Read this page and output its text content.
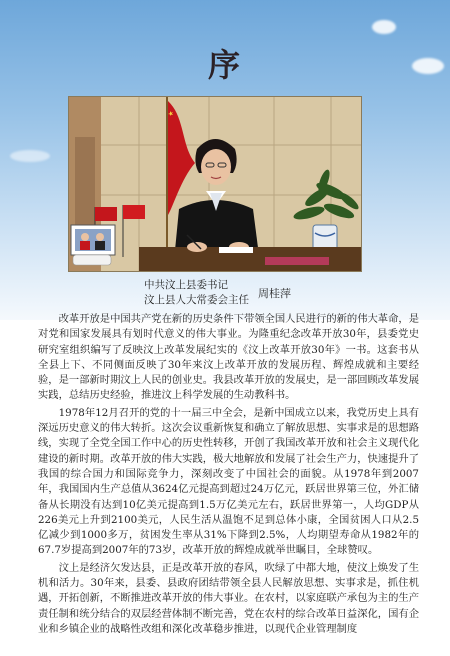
序
中共汶上县委书记
汶上县人大常委会主任 周桂萍

改革开放是中国共产党在新的历史条件下带领全国人民进行的新的伟大革命，是对党和国家发展具有划时代意义的伟大事业。为隆重纪念改革开放30年，县委党史研究室组织编写了反映汶上改革发展纪实的《汶上改革开放30年》一书。这套书从全县上下、不同侧面反映了30年来汶上改革开放的发展历程、辉煌成就和主要经验，是一部新时期汶上人民的创业史。我县改革开放的发展史，是一部回顾改革发展实践，总结历史经验，推进汶上科学发展的生动教科书。

1978年12月召开的党的十一届三中全会，是新中国成立以来，我党历史上具有深远历史意义的伟大转折。这次会议重新恢复和确立了解放思想、实事求是的思想路线，实现了全党全国工作中心的历史性转移，开创了我国改革开放和社会主义现代化建设的新时期。改革开放的伟大实践，极大地解放和发展了社会生产力，快速提升了我国的综合国力和国际竞争力，深刻改变了中国社会的面貌。从1978年到2007年，我国国内生产总值从3624亿元提高到超过24万亿元，跃居世界第三位，外汇储备从长期没有达到10亿美元提高到1.5万亿美元左右，跃居世界第一，人均GDP从226美元上升到2100美元，人民生活从温饱不足到总体小康，全国贫困人口从2.5亿减少到1000多万，贫困发生率从31%下降到2.5%，人均期望寿命从1982年的67.7岁提高到2007年的73岁，改革开放的辉煌成就举世瞩目，全球赞叹。

汶上是经济欠发达县，正是改革开放的春风，吹绿了中都大地，使汶上焕发了生机和活力。30年来，县委、县政府团结带领全县人民解放思想、实事求是，抓住机遇，开拓创新，不断推进改革开放的伟大事业。在农村，以家庭联产承包为主的生产责任制和统分结合的双层经营体制不断完善，党在农村的综合改革日益深化，国有企业和乡镇企业的战略性改组和深化改革稳步推进，以现代企业管理制度
